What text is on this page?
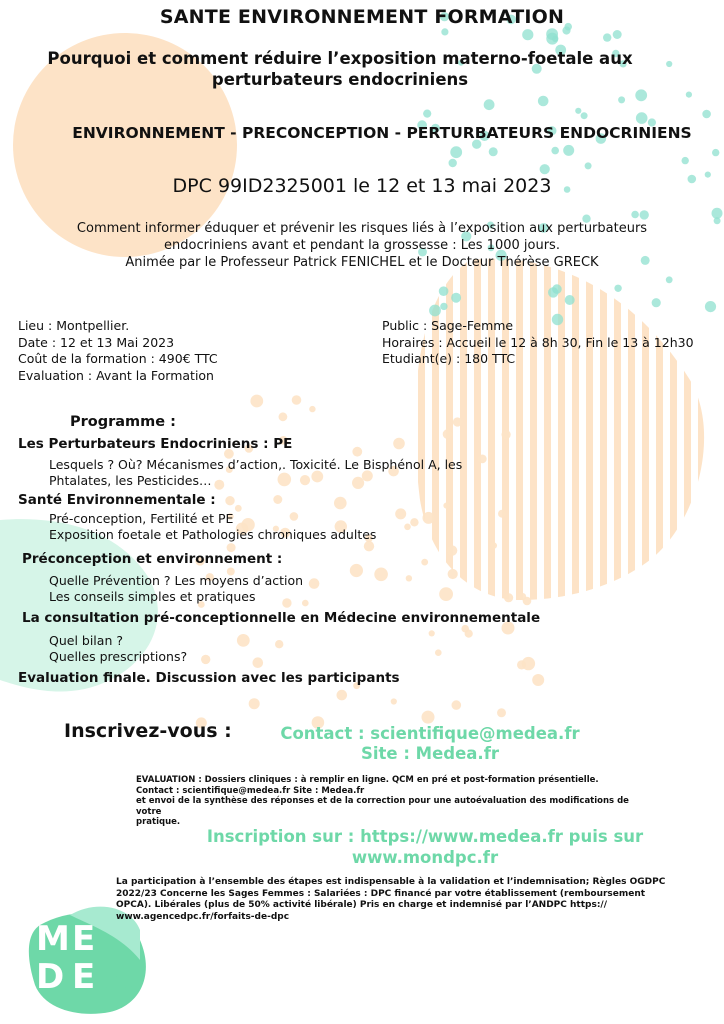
SANTE ENVIRONNEMENT FORMATION

Pourquoi et comment réduire l’exposition materno-foetale aux
perturbateurs endocriniens

ENVIRONNEMENT - PRECONCEPTION - PERTURBATEURS ENDOCRINIENS

DPC 99ID2325001 le 12 et 13 mai 2023

Comment informer éduquer et prévenir les risques liés à l’exposition aux perturbateurs
endocriniens avant et pendant la grossesse : Les 1000 jours.
Animée par le Professeur Patrick FENICHEL et le Docteur Thérèse GRECK
Lieu : Montpellier.
Date : 12 et 13 Mai 2023
Coût de la formation : 490€ TTC
Evaluation : Avant la Formation
Public : Sage-Femme
Horaires : Accueil le 12 à 8h 30, Fin le 13 à 12h30
Etudiant(e) : 180 TTC

Programme :

Les Perturbateurs Endocriniens : PE

Lesquels ? Où? Mécanismes d’action,. Toxicité. Le Bisphénol A, les
Phtalates, les Pesticides…

Santé Environnementale :

Pré-conception, Fertilité et PE
Exposition foetale et Pathologies chroniques adultes

Préconception et environnement :

Quelle Prévention ? Les moyens d’action
Les conseils simples et pratiques

La consultation pré-conceptionnelle en Médecine environnementale

Quel bilan ?
Quelles prescriptions?

Evaluation finale. Discussion avec les participants

Inscrivez-vous :	Contact : scientifique@medea.fr
Site : Medea.fr
EVALUATION : Dossiers cliniques : à remplir en ligne. QCM en pré et post-formation présentielle.
Contact : scientifique@medea.fr Site : Medea.fr
et envoi de la synthèse des réponses et de la correction pour une autoévaluation des modifications de votre
pratique.
Inscription sur : https://www.medea.fr puis sur
www.mondpc.fr
La participation à l’ensemble des étapes est indispensable à la validation et l’indemnisation; Règles OGDPC
2022/23 Concerne les Sages Femmes : Salariées : DPC financé par votre établissement (remboursement
OPCA). Libérales (plus de 50% activité libérale) Pris en charge et indemnisé par l’ANDPC https://
www.agencedpc.fr/forfaits-de-dpc
M E
D E A
